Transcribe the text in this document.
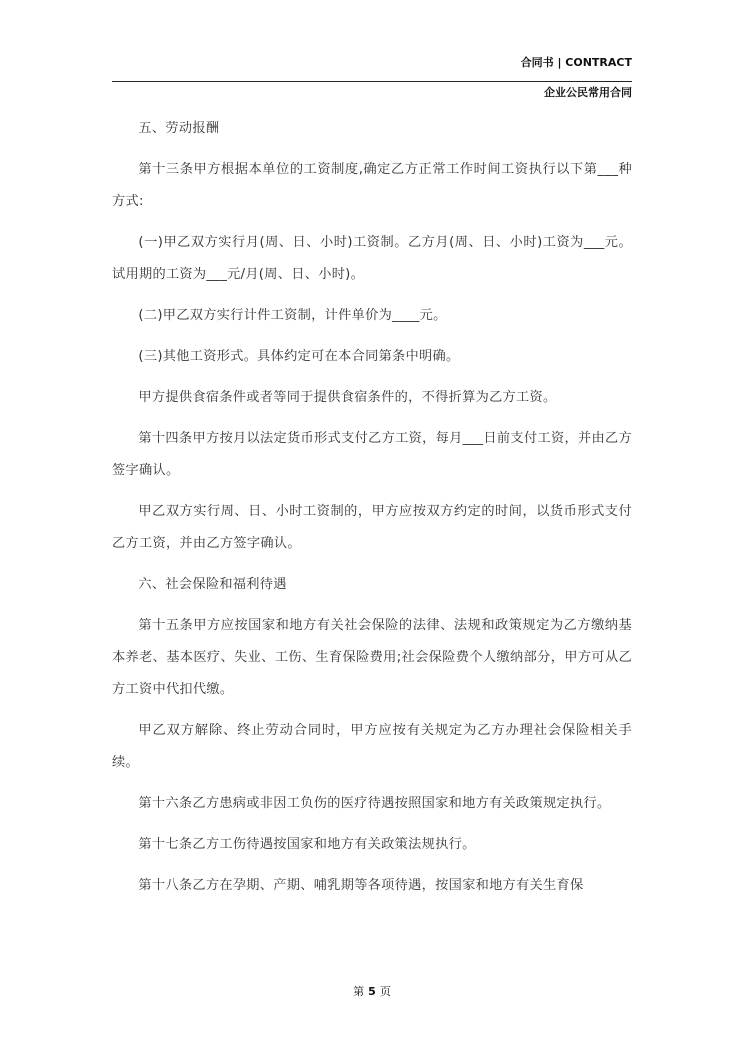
合同书 | CONTRACT
企业公民常用合同

五、劳动报酬

第十三条甲方根据本单位的工资制度,确定乙方正常工作时间工资执行以下第___种方式:

(一)甲乙双方实行月(周、日、小时)工资制。乙方月(周、日、小时)工资为___元。试用期的工资为___元/月(周、日、小时)。

(二)甲乙双方实行计件工资制，计件单价为____元。

(三)其他工资形式。具体约定可在本合同第条中明确。

甲方提供食宿条件或者等同于提供食宿条件的，不得折算为乙方工资。

第十四条甲方按月以法定货币形式支付乙方工资，每月___日前支付工资，并由乙方签字确认。

甲乙双方实行周、日、小时工资制的，甲方应按双方约定的时间，以货币形式支付乙方工资，并由乙方签字确认。

六、社会保险和福利待遇

第十五条甲方应按国家和地方有关社会保险的法律、法规和政策规定为乙方缴纳基本养老、基本医疗、失业、工伤、生育保险费用;社会保险费个人缴纳部分，甲方可从乙方工资中代扣代缴。

甲乙双方解除、终止劳动合同时，甲方应按有关规定为乙方办理社会保险相关手续。

第十六条乙方患病或非因工负伤的医疗待遇按照国家和地方有关政策规定执行。

第十七条乙方工伤待遇按国家和地方有关政策法规执行。

第十八条乙方在孕期、产期、哺乳期等各项待遇，按国家和地方有关生育保

第 5 页
